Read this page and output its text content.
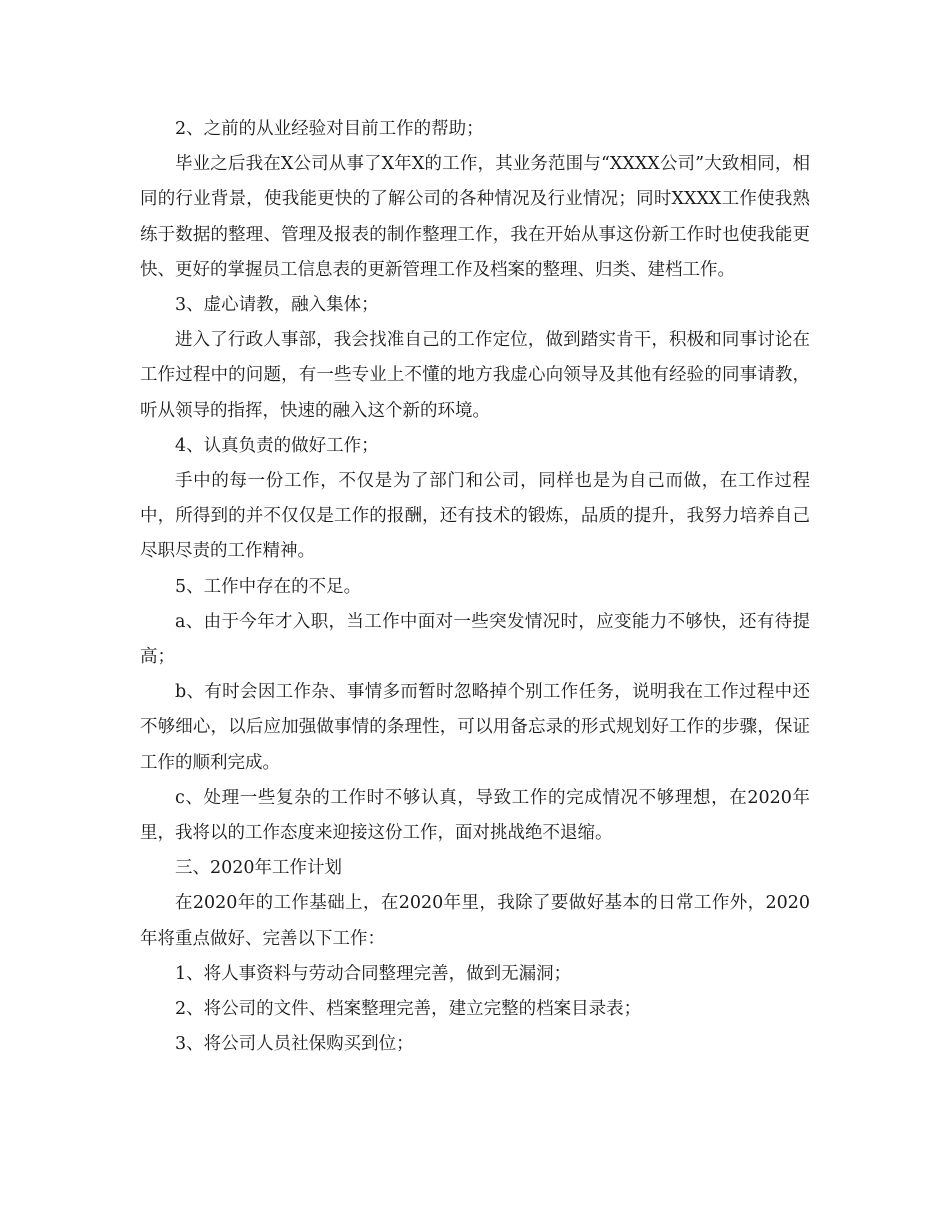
2、之前的从业经验对目前工作的帮助；

毕业之后我在X公司从事了X年X的工作，其业务范围与“XXXX公司”大致相同，相同的行业背景，使我能更快的了解公司的各种情况及行业情况；同时XXXX工作使我熟练于数据的整理、管理及报表的制作整理工作，我在开始从事这份新工作时也使我能更快、更好的掌握员工信息表的更新管理工作及档案的整理、归类、建档工作。

3、虚心请教，融入集体；

进入了行政人事部，我会找准自己的工作定位，做到踏实肯干，积极和同事讨论在工作过程中的问题，有一些专业上不懂的地方我虚心向领导及其他有经验的同事请教，听从领导的指挥，快速的融入这个新的环境。

4、认真负责的做好工作；

手中的每一份工作，不仅是为了部门和公司，同样也是为自己而做，在工作过程中，所得到的并不仅仅是工作的报酬，还有技术的锻炼，品质的提升，我努力培养自己尽职尽责的工作精神。

5、工作中存在的不足。

a、由于今年才入职，当工作中面对一些突发情况时，应变能力不够快，还有待提高；

b、有时会因工作杂、事情多而暂时忽略掉个别工作任务，说明我在工作过程中还不够细心，以后应加强做事情的条理性，可以用备忘录的形式规划好工作的步骤，保证工作的顺利完成。

c、处理一些复杂的工作时不够认真，导致工作的完成情况不够理想，在2020年里，我将以的工作态度来迎接这份工作，面对挑战绝不退缩。

三、2020年工作计划

在2020年的工作基础上，在2020年里，我除了要做好基本的日常工作外，2020年将重点做好、完善以下工作：

1、将人事资料与劳动合同整理完善，做到无漏洞；

2、将公司的文件、档案整理完善，建立完整的档案目录表；

3、将公司人员社保购买到位；
